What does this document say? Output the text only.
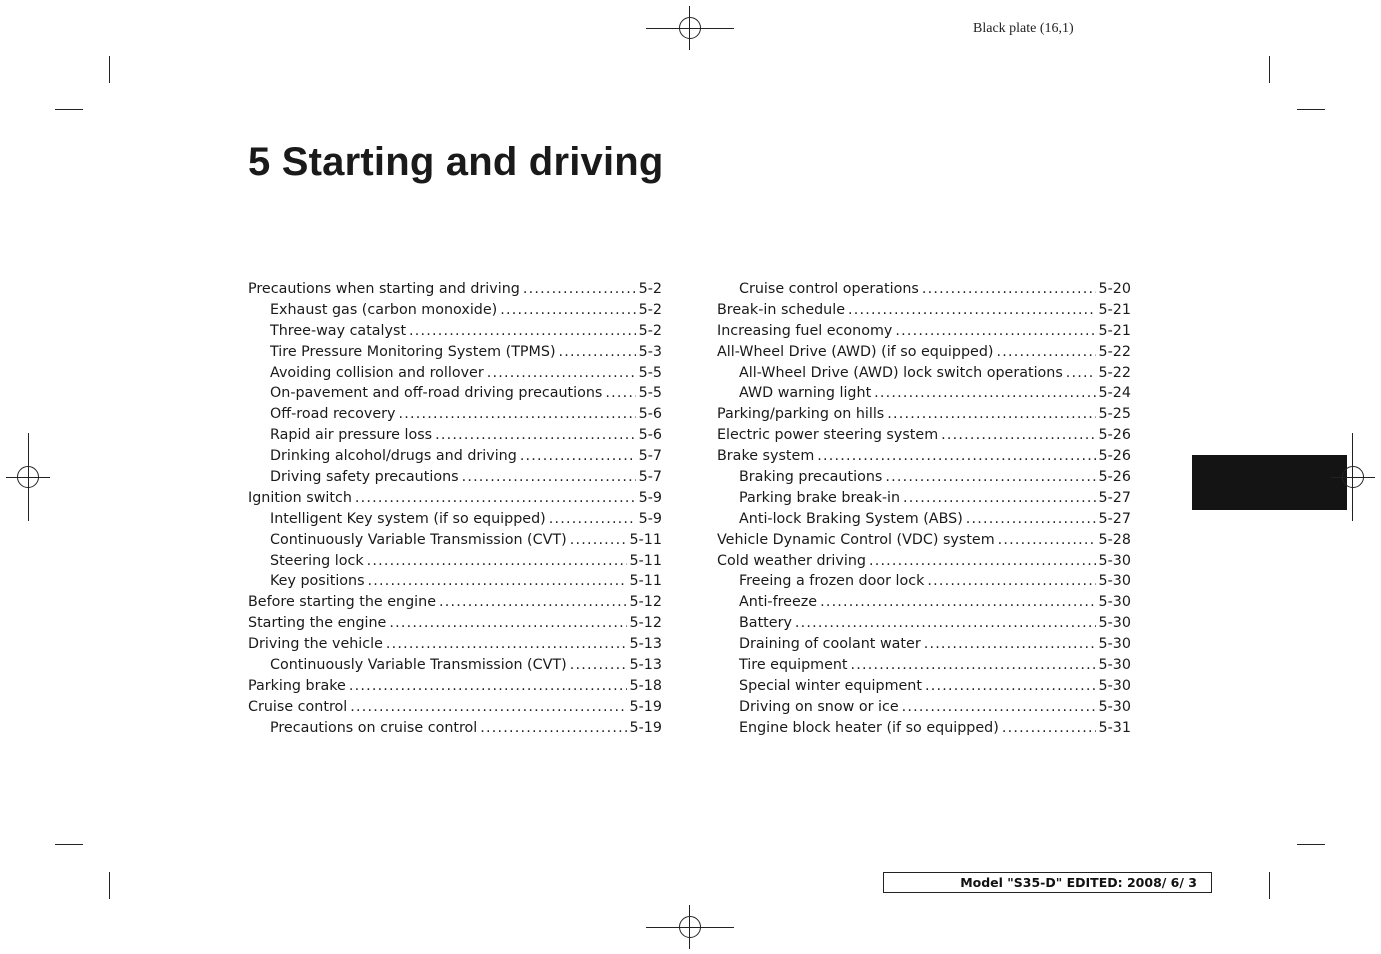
Black plate (16,1)
5 Starting and driving
Precautions when starting and driving .....	5-2
Exhaust gas (carbon monoxide) .....	5-2
Three-way catalyst .....	5-2
Tire Pressure Monitoring System (TPMS) .....	5-3
Avoiding collision and rollover .....	5-5
On-pavement and off-road driving precautions .....	5-5
Off-road recovery .....	5-6
Rapid air pressure loss .....	5-6
Drinking alcohol/drugs and driving .....	5-7
Driving safety precautions .....	5-7
Ignition switch .....	5-9
Intelligent Key system (if so equipped) .....	5-9
Continuously Variable Transmission (CVT) .....	5-11
Steering lock .....	5-11
Key positions .....	5-11
Before starting the engine .....	5-12
Starting the engine .....	5-12
Driving the vehicle .....	5-13
Continuously Variable Transmission (CVT) .....	5-13
Parking brake .....	5-18
Cruise control .....	5-19
Precautions on cruise control .....	5-19
Cruise control operations .....	5-20
Break-in schedule .....	5-21
Increasing fuel economy .....	5-21
All-Wheel Drive (AWD) (if so equipped) .....	5-22
All-Wheel Drive (AWD) lock switch operations .....	5-22
AWD warning light .....	5-24
Parking/parking on hills .....	5-25
Electric power steering system .....	5-26
Brake system .....	5-26
Braking precautions .....	5-26
Parking brake break-in .....	5-27
Anti-lock Braking System (ABS) .....	5-27
Vehicle Dynamic Control (VDC) system .....	5-28
Cold weather driving .....	5-30
Freeing a frozen door lock .....	5-30
Anti-freeze .....	5-30
Battery .....	5-30
Draining of coolant water .....	5-30
Tire equipment .....	5-30
Special winter equipment .....	5-30
Driving on snow or ice .....	5-30
Engine block heater (if so equipped) .....	5-31
Model "S35-D" EDITED: 2008/ 6/ 3
